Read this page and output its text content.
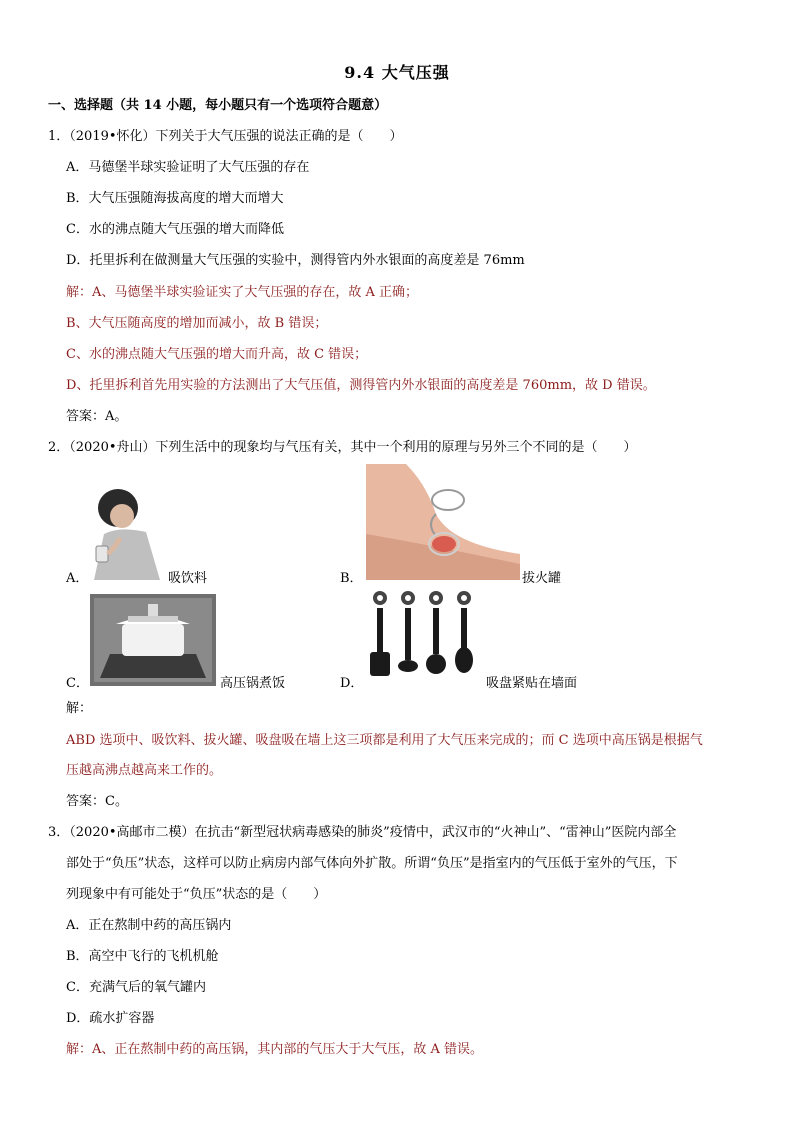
9.4 大气压强
一、选择题（共 14 小题，每小题只有一个选项符合题意）
1．（2019•怀化）下列关于大气压强的说法正确的是（　　）
A．马德堡半球实验证明了大气压强的存在
B．大气压强随海拔高度的增大而增大
C．水的沸点随大气压强的增大而降低
D．托里拆利在做测量大气压强的实验中，测得管内外水银面的高度差是 76mm
解：A、马德堡半球实验证实了大气压强的存在，故 A 正确；
B、大气压随高度的增加而减小，故 B 错误；
C、水的沸点随大气压强的增大而升高，故 C 错误；
D、托里拆利首先用实验的方法测出了大气压值，测得管内外水银面的高度差是 760mm，故 D 错误。
答案：A。
2．（2020•舟山）下列生活中的现象均与气压有关，其中一个利用的原理与另外三个不同的是（　　）
A．	吸饮料	B．	拔火罐
C．	高压锅煮饭	D．	吸盘紧贴在墙面
解：
ABD 选项中、吸饮料、拔火罐、吸盘吸在墙上这三项都是利用了大气压来完成的；而 C 选项中高压锅是根据气
压越高沸点越高来工作的。
答案：C。
3．（2020•高邮市二模）在抗击“新型冠状病毒感染的肺炎”疫情中，武汉市的“火神山”、“雷神山”医院内部全
部处于“负压”状态，这样可以防止病房内部气体向外扩散。所谓“负压”是指室内的气压低于室外的气压，下
列现象中有可能处于“负压”状态的是（　　）
A．正在熬制中药的高压锅内
B．高空中飞行的飞机机舱
C．充满气后的氧气罐内
D．疏水扩容器
解：A、正在熬制中药的高压锅，其内部的气压大于大气压，故 A 错误。
